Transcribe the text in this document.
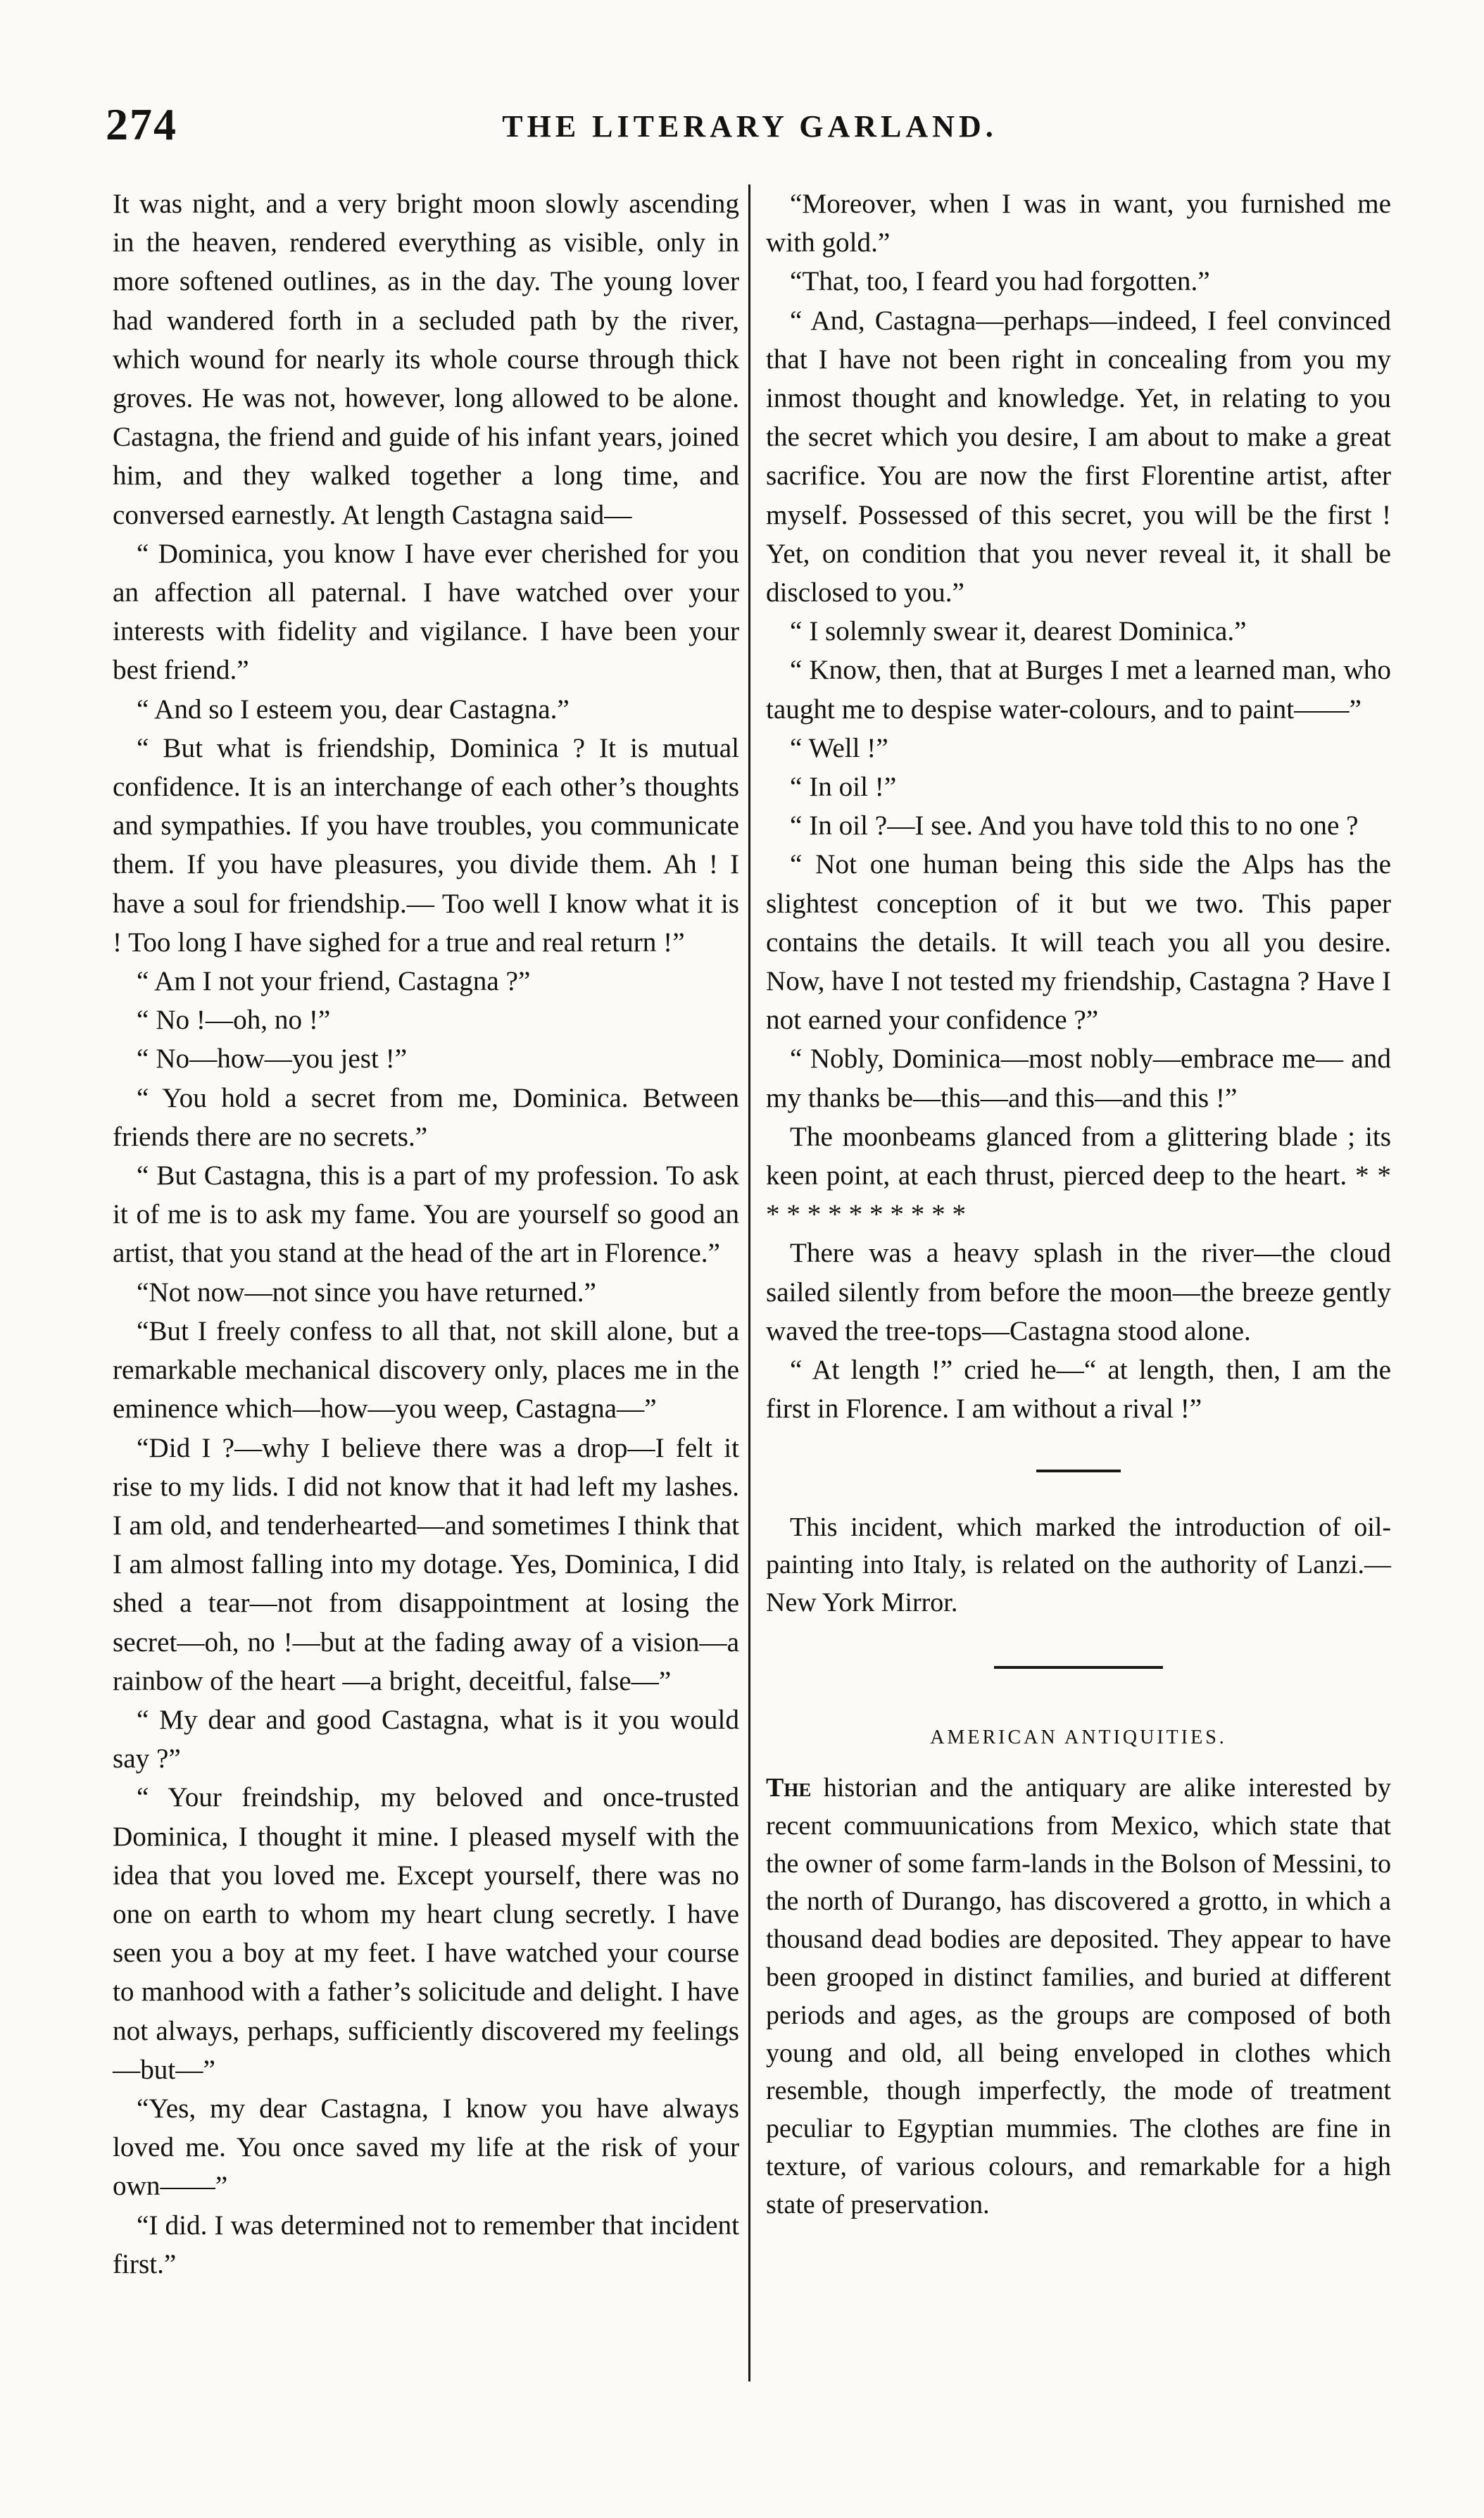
274	THE LITERARY GARLAND.

It was night, and a very bright moon slowly ascending in the heaven, rendered everything as visible, only in more softened outlines, as in the day. The young lover had wandered forth in a secluded path by the river, which wound for nearly its whole course through thick groves. He was not, however, long allowed to be alone. Castagna, the friend and guide of his infant years, joined him, and they walked together a long time, and conversed earnestly. At length Castagna said—

“ Dominica, you know I have ever cherished for you an affection all paternal. I have watched over your interests with fidelity and vigilance. I have been your best friend.”

“ And so I esteem you, dear Castagna.”

“ But what is friendship, Dominica ? It is mutual confidence. It is an interchange of each other’s thoughts and sympathies. If you have troubles, you communicate them. If you have pleasures, you divide them. Ah ! I have a soul for friendship.— Too well I know what it is ! Too long I have sighed for a true and real return !”

“ Am I not your friend, Castagna ?”

“ No !—oh, no !”

“ No—how—you jest !”

“ You hold a secret from me, Dominica. Between friends there are no secrets.”

“ But Castagna, this is a part of my profession. To ask it of me is to ask my fame. You are yourself so good an artist, that you stand at the head of the art in Florence.”

“Not now—not since you have returned.”

“But I freely confess to all that, not skill alone, but a remarkable mechanical discovery only, places me in the eminence which—how—you weep, Castagna—”

“Did I ?—why I believe there was a drop—I felt it rise to my lids. I did not know that it had left my lashes. I am old, and tenderhearted—and sometimes I think that I am almost falling into my dotage. Yes, Dominica, I did shed a tear—not from disappointment at losing the secret—oh, no !—but at the fading away of a vision—a rainbow of the heart —a bright, deceitful, false—”

“ My dear and good Castagna, what is it you would say ?”

“ Your freindship, my beloved and once-trusted Dominica, I thought it mine. I pleased myself with the idea that you loved me. Except yourself, there was no one on earth to whom my heart clung secretly. I have seen you a boy at my feet. I have watched your course to manhood with a father’s solicitude and delight. I have not always, perhaps, sufficiently discovered my feelings—but—”

“Yes, my dear Castagna, I know you have always loved me. You once saved my life at the risk of your own——”

“I did. I was determined not to remember that incident first.”

“Moreover, when I was in want, you furnished me with gold.”

“That, too, I feard you had forgotten.”

“ And, Castagna—perhaps—indeed, I feel convinced that I have not been right in concealing from you my inmost thought and knowledge. Yet, in relating to you the secret which you desire, I am about to make a great sacrifice. You are now the first Florentine artist, after myself. Possessed of this secret, you will be the first ! Yet, on condition that you never reveal it, it shall be disclosed to you.”

“ I solemnly swear it, dearest Dominica.”

“ Know, then, that at Burges I met a learned man, who taught me to despise water-colours, and to paint——”

“ Well !”

“ In oil !”

“ In oil ?—I see. And you have told this to no one ?

“ Not one human being this side the Alps has the slightest conception of it but we two. This paper contains the details. It will teach you all you desire. Now, have I not tested my friendship, Castagna ? Have I not earned your confidence ?”

“ Nobly, Dominica—most nobly—embrace me— and my thanks be—this—and this—and this !”

The moonbeams glanced from a glittering blade ; its keen point, at each thrust, pierced deep to the heart. * * * * * * * * * * * *

There was a heavy splash in the river—the cloud sailed silently from before the moon—the breeze gently waved the tree-tops—Castagna stood alone.

“ At length !” cried he—“ at length, then, I am the first in Florence. I am without a rival !”

This incident, which marked the introduction of oil-painting into Italy, is related on the authority of Lanzi.—New York Mirror.

AMERICAN ANTIQUITIES.

The historian and the antiquary are alike interested by recent commuunications from Mexico, which state that the owner of some farm-lands in the Bolson of Messini, to the north of Durango, has discovered a grotto, in which a thousand dead bodies are deposited. They appear to have been grooped in distinct families, and buried at different periods and ages, as the groups are composed of both young and old, all being enveloped in clothes which resemble, though imperfectly, the mode of treatment peculiar to Egyptian mummies. The clothes are fine in texture, of various colours, and remarkable for a high state of preservation.
